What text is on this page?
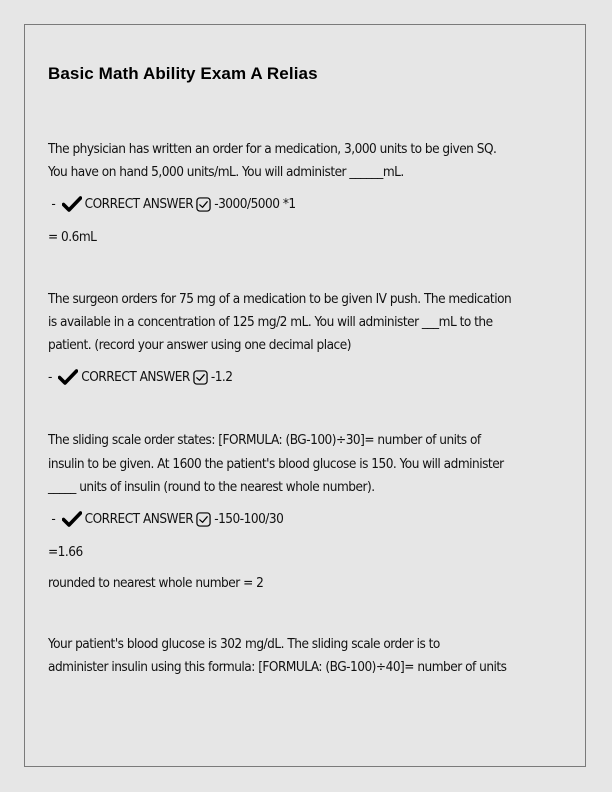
Basic Math Ability Exam A Relias
The physician has written an order for a medication, 3,000 units to be given SQ.
You have on hand 5,000 units/mL. You will administer ______mL.
- CORRECT ANSWER -3000/5000 *1
= 0.6mL
The surgeon orders for 75 mg of a medication to be given IV push. The medication
is available in a concentration of 125 mg/2 mL. You will administer ___mL to the
patient. (record your answer using one decimal place)
- CORRECT ANSWER -1.2
The sliding scale order states: [FORMULA: (BG-100)÷30]= number of units of
insulin to be given. At 1600 the patient's blood glucose is 150. You will administer
_____ units of insulin (round to the nearest whole number).
- CORRECT ANSWER -150-100/30
=1.66
rounded to nearest whole number = 2
Your patient's blood glucose is 302 mg/dL. The sliding scale order is to
administer insulin using this formula: [FORMULA: (BG-100)÷40]= number of units
